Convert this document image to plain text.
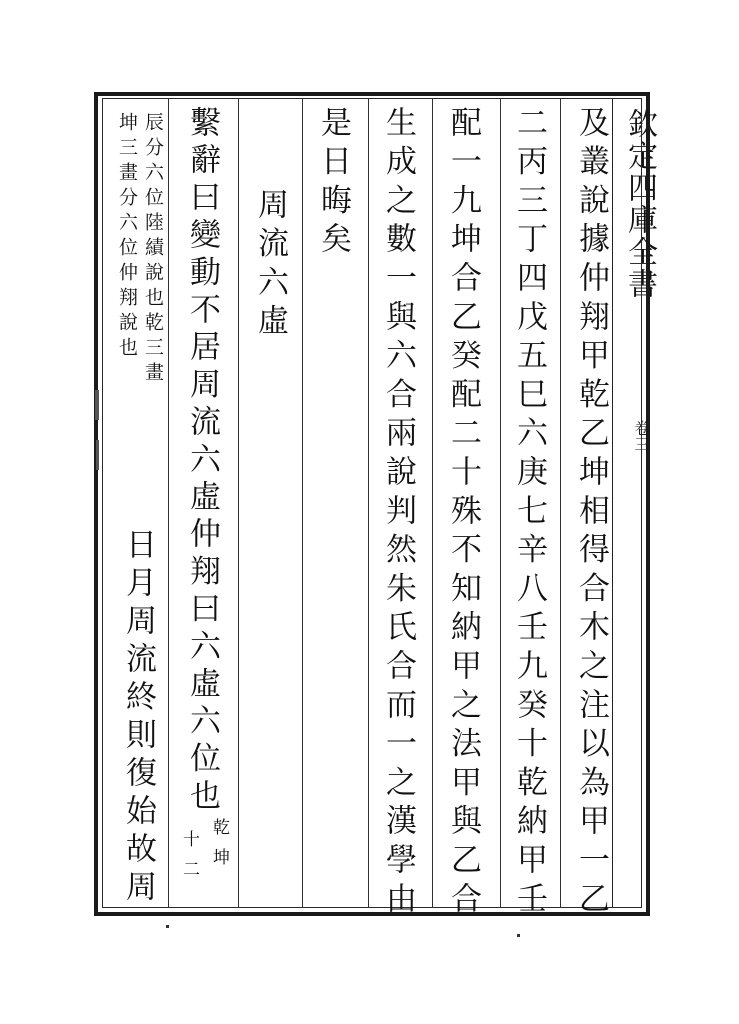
欽定四庫全書
卷三
及叢說據仲翔甲乾乙坤相得合木之注以為甲一乙
二丙三丁四戊五巳六庚七辛八壬九癸十乾納甲壬
配一九坤合乙癸配二十殊不知納甲之法甲與乙合
生成之數一與六合兩說判然朱氏合而一之漢學由
是日晦矣
周流六虛
繫辭曰變動不居周流六虛仲翔曰六虛六位也
乾
坤
十
二
辰分六位陸績說也乾三畫
坤三畫分六位仲翔說也
日月周流終則復始故周
